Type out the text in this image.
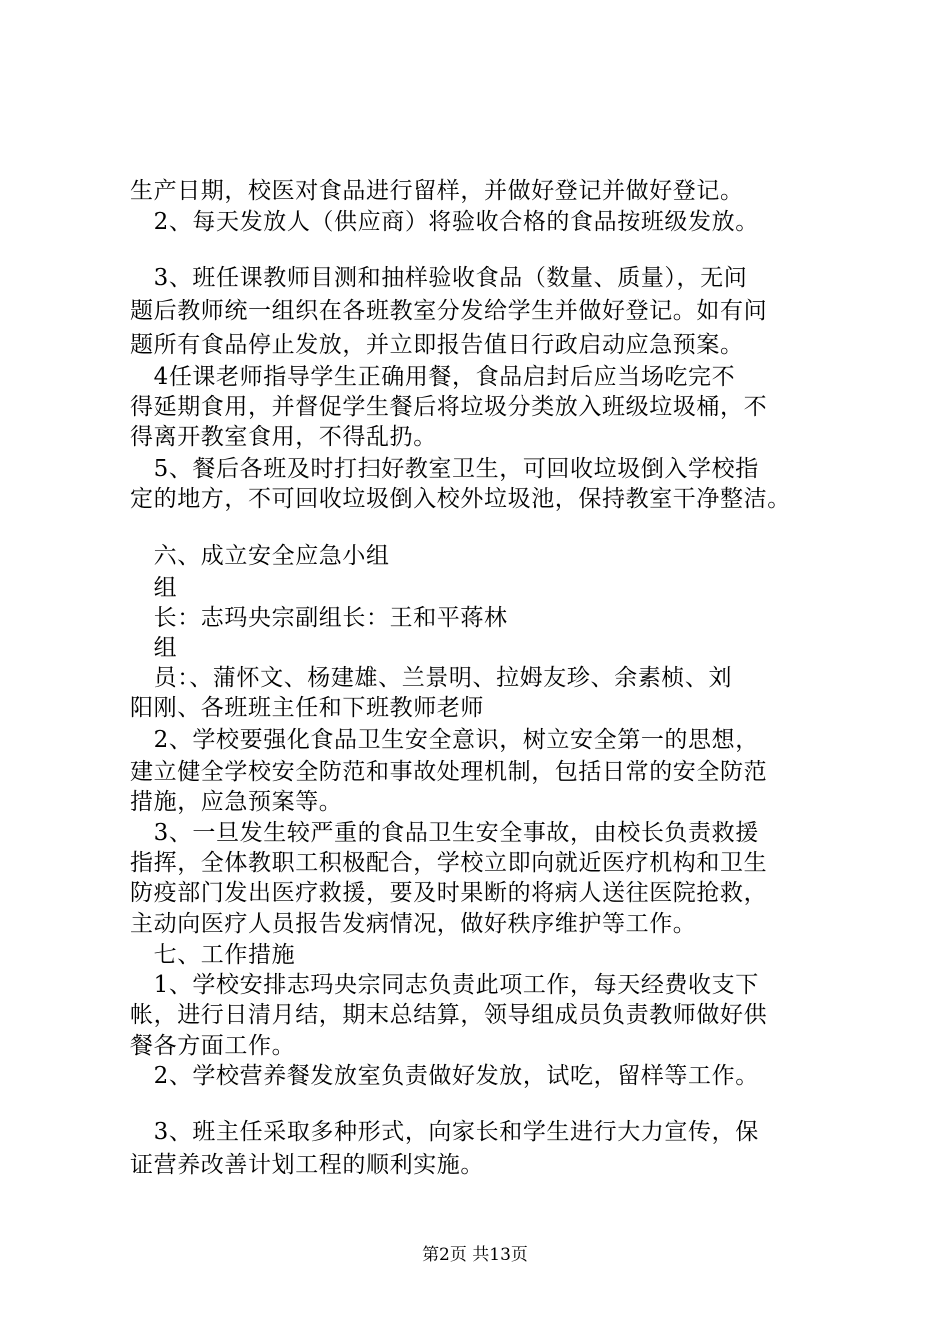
生产日期，校医对食品进行留样，并做好登记并做好登记。
　2、每天发放人（供应商）将验收合格的食品按班级发放。
　3、班任课教师目测和抽样验收食品（数量、质量），无问
题后教师统一组织在各班教室分发给学生并做好登记。如有问
题所有食品停止发放，并立即报告值日行政启动应急预案。
　4任课老师指导学生正确用餐，食品启封后应当场吃完不
得延期食用，并督促学生餐后将垃圾分类放入班级垃圾桶，不
得离开教室食用，不得乱扔。
　5、餐后各班及时打扫好教室卫生，可回收垃圾倒入学校指
定的地方，不可回收垃圾倒入校外垃圾池，保持教室干净整洁。
　六、成立安全应急小组
　组
　长：志玛央宗副组长：王和平蒋林
　组
　员：、蒲怀文、杨建雄、兰景明、拉姆友珍、余素桢、刘
阳刚、各班班主任和下班教师老师
　2、学校要强化食品卫生安全意识，树立安全第一的思想，
建立健全学校安全防范和事故处理机制，包括日常的安全防范
措施，应急预案等。
　3、一旦发生较严重的食品卫生安全事故，由校长负责救援
指挥，全体教职工积极配合，学校立即向就近医疗机构和卫生
防疫部门发出医疗救援，要及时果断的将病人送往医院抢救，
主动向医疗人员报告发病情况，做好秩序维护等工作。
　七、工作措施
　1、学校安排志玛央宗同志负责此项工作，每天经费收支下
帐，进行日清月结，期末总结算，领导组成员负责教师做好供
餐各方面工作。
　2、学校营养餐发放室负责做好发放，试吃，留样等工作。
　3、班主任采取多种形式，向家长和学生进行大力宣传，保
证营养改善计划工程的顺利实施。
第2页 共13页
